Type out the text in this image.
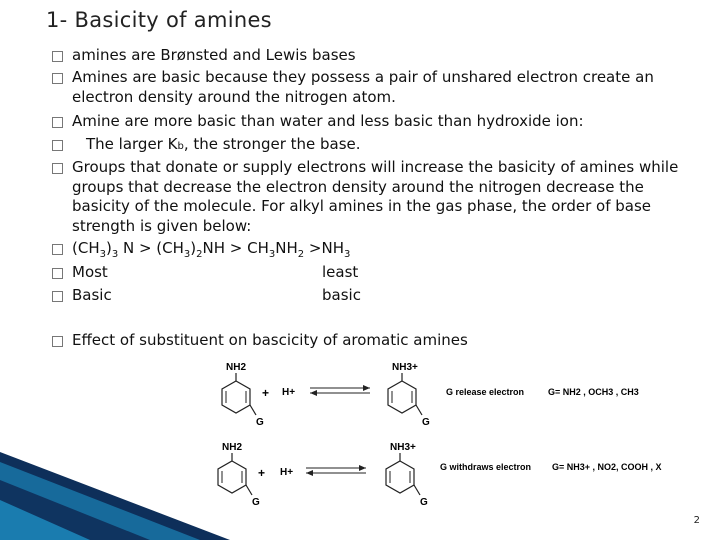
1- Basicity of amines
amines are Brønsted and Lewis bases
Amines are basic because they possess a pair of unshared electron create an electron density around the nitrogen atom.
Amine are more basic than water and less basic than hydroxide ion:
The larger Kb, the stronger the base.
Groups that donate or supply electrons will increase the basicity of amines while groups that decrease the electron density around the nitrogen decrease the basicity of the molecule. For alkyl amines in the gas phase, the order of base strength is given below:
$(CH_3)_3$ $N > (CH_3)_2NH > CH_3NH_2 >NH_3$
Most	least
Basic	basic
Effect of substituent on bascicity of aromatic amines
NH2
G
+ H+
NH3+
G
G release electron	G= NH2 , OCH3 , CH3
NH2
G
+ H+
NH3+
G
G withdraws electron G= NH3+ , NO2, COOH , X
2
